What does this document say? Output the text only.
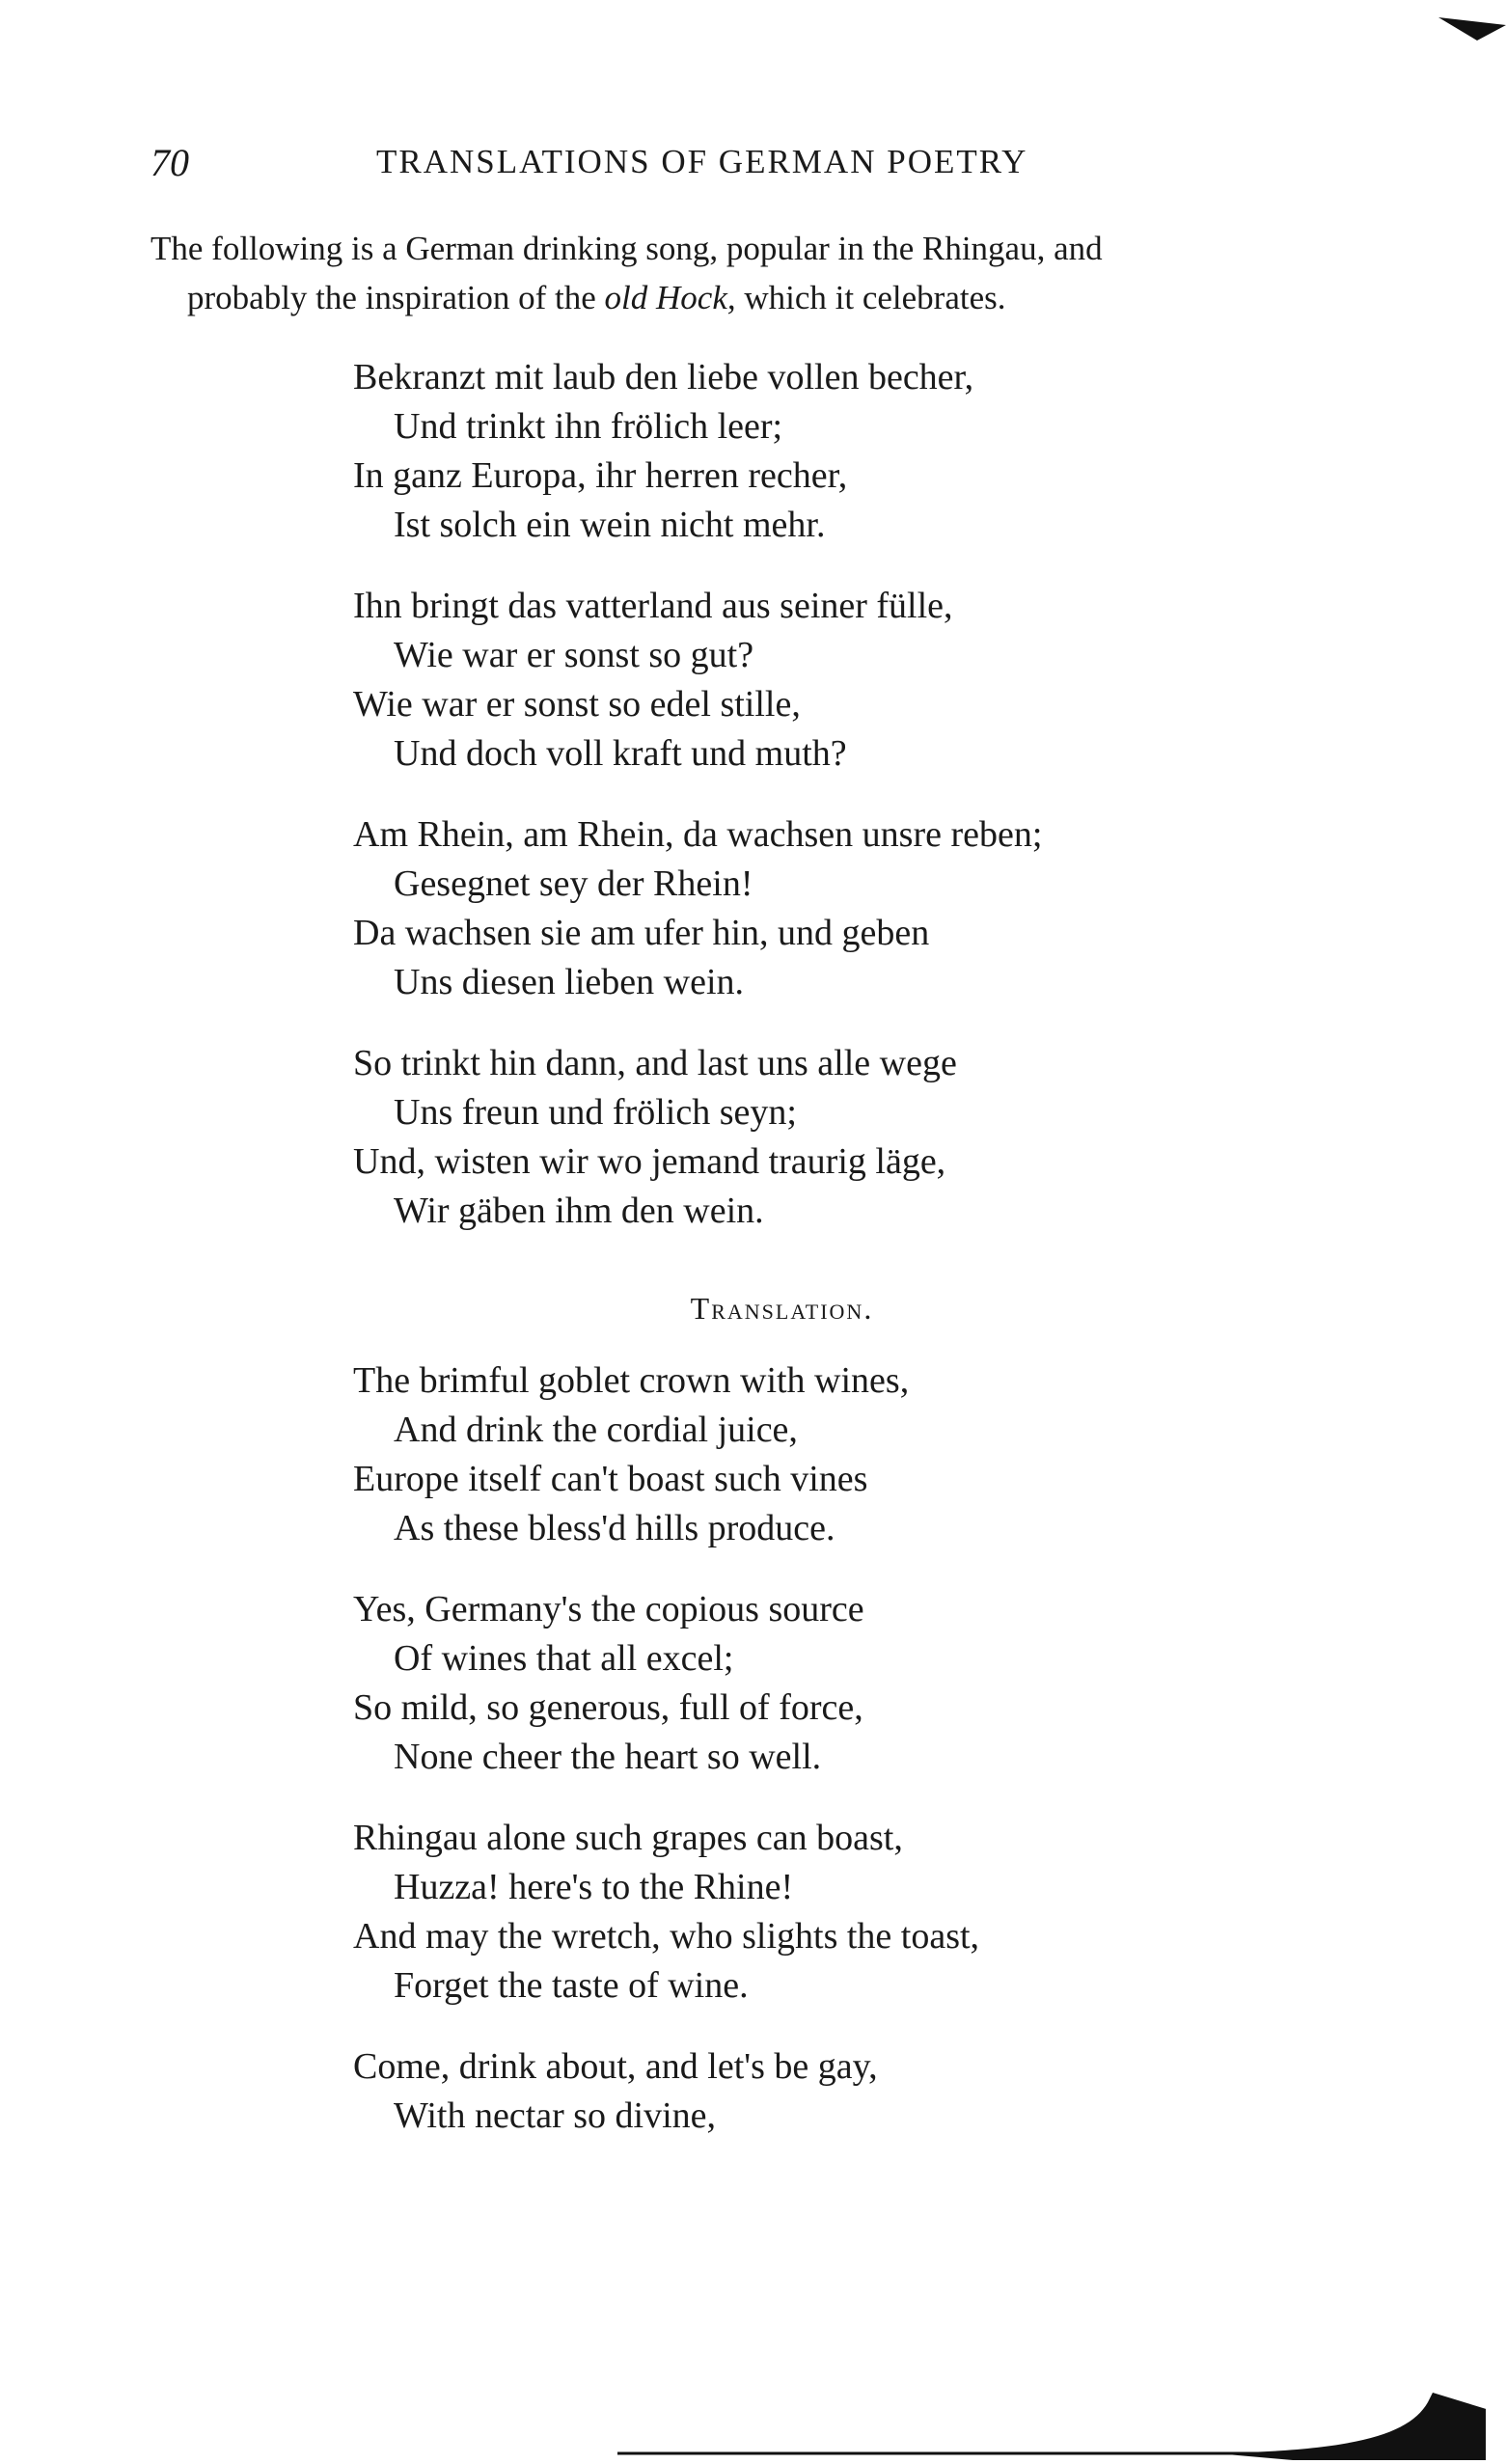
70	TRANSLATIONS OF GERMAN POETRY
The following is a German drinking song, popular in the Rhingau, and
probably the inspiration of the old Hock, which it celebrates.
Bekranzt mit laub den liebe vollen becher,
Und trinkt ihn frölich leer;
In ganz Europa, ihr herren recher,
Ist solch ein wein nicht mehr.
Ihn bringt das vatterland aus seiner fülle,
Wie war er sonst so gut?
Wie war er sonst so edel stille,
Und doch voll kraft und muth?
Am Rhein, am Rhein, da wachsen unsre reben;
Gesegnet sey der Rhein!
Da wachsen sie am ufer hin, und geben
Uns diesen lieben wein.
So trinkt hin dann, and last uns alle wege
Uns freun und frölich seyn;
Und, wisten wir wo jemand traurig läge,
Wir gäben ihm den wein.
Translation.
The brimful goblet crown with wines,
And drink the cordial juice,
Europe itself can't boast such vines
As these bless'd hills produce.
Yes, Germany's the copious source
Of wines that all excel;
So mild, so generous, full of force,
None cheer the heart so well.
Rhingau alone such grapes can boast,
Huzza! here's to the Rhine!
And may the wretch, who slights the toast,
Forget the taste of wine.
Come, drink about, and let's be gay,
With nectar so divine,
